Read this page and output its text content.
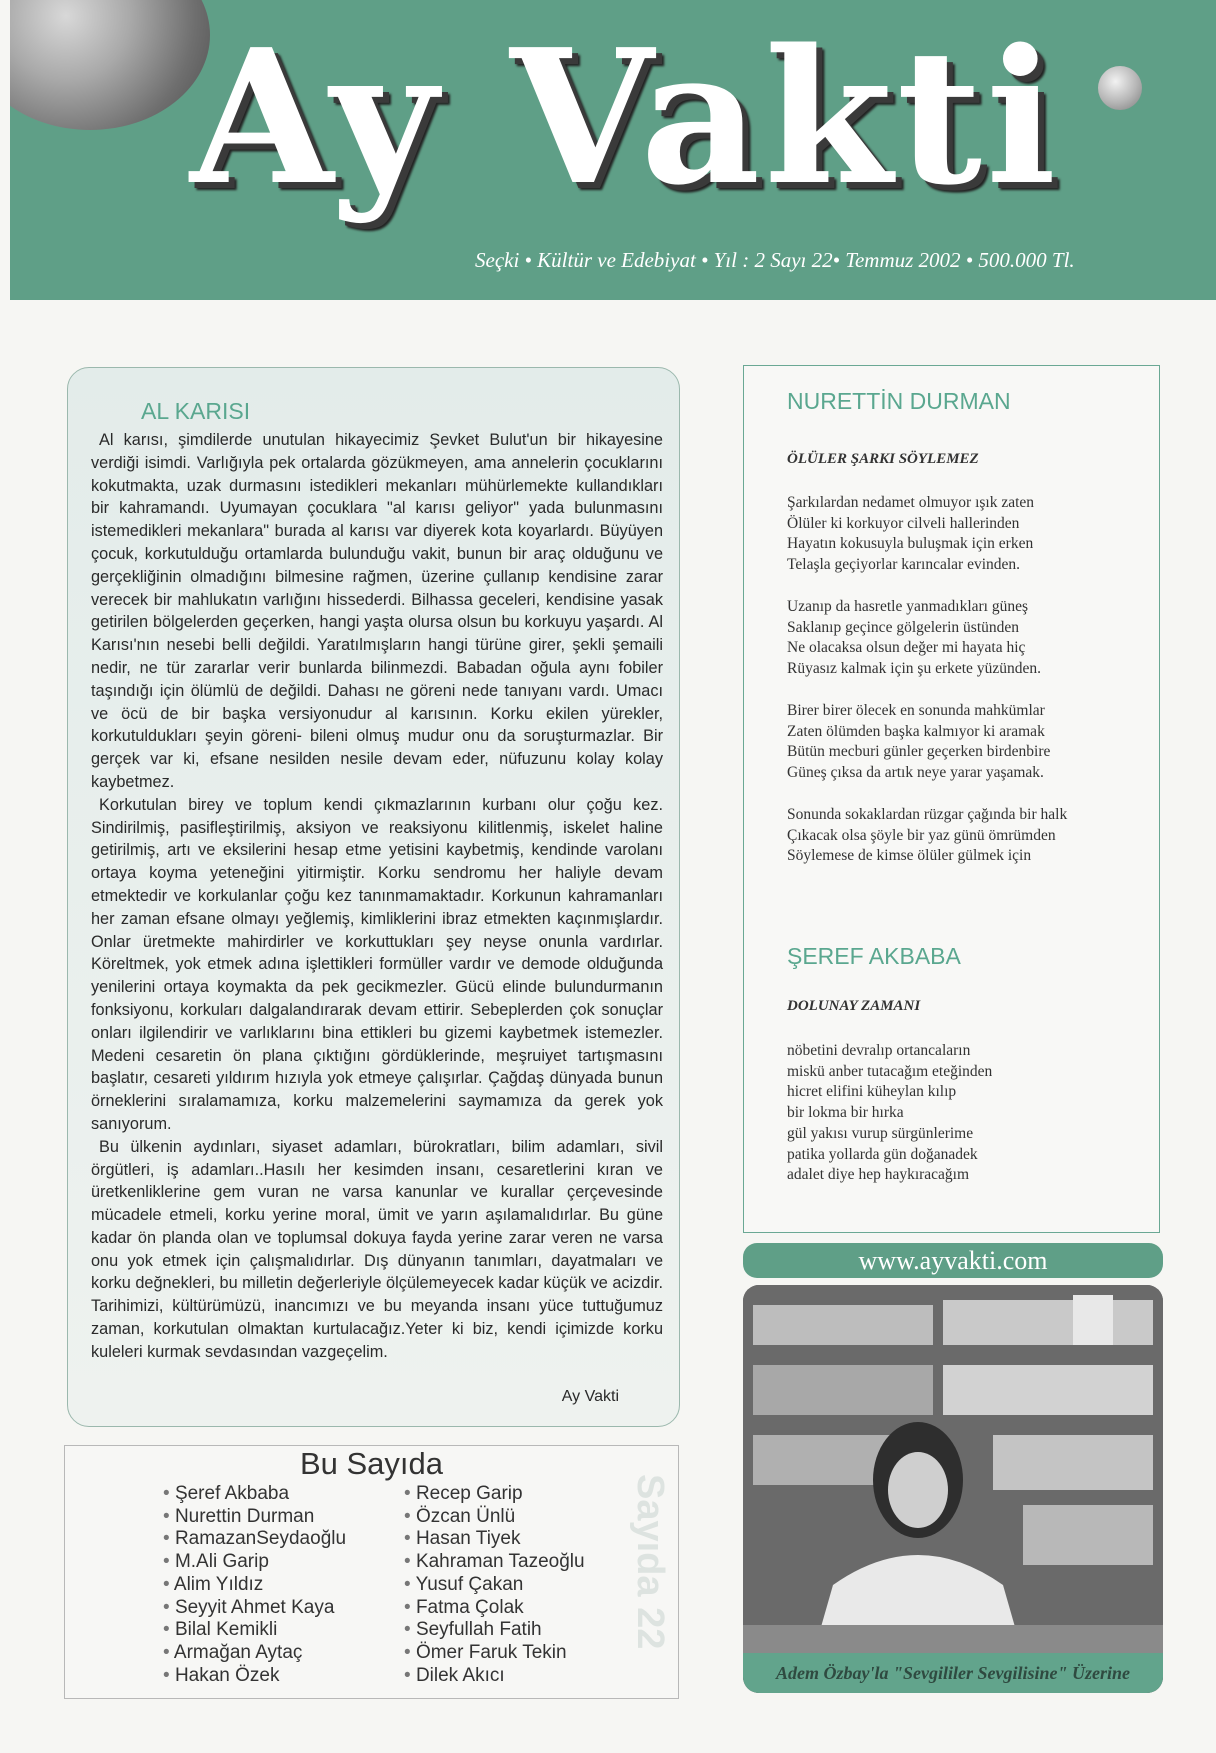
Ay Vakti
Seçki • Kültür ve Edebiyat • Yıl : 2 Sayı 22• Temmuz 2002 • 500.000 Tl.
AL KARISI

Al karısı, şimdilerde unutulan hikayecimiz Şevket Bulut'un bir hikayesine verdiği isimdi. Varlığıyla pek ortalarda gözükmeyen, ama annelerin çocuklarını kokutmakta, uzak durmasını istedikleri mekanları mühürlemekte kullandıkları bir kahramandı. Uyumayan çocuklara "al karısı geliyor" yada bulunmasını istemedikleri mekanlara" burada al karısı var diyerek kota koyarlardı. Büyüyen çocuk, korkutulduğu ortamlarda bulunduğu vakit, bunun bir araç olduğunu ve gerçekliğinin olmadığını bilmesine rağmen, üzerine çullanıp kendisine zarar verecek bir mahlukatın varlığını hissederdi. Bilhassa geceleri, kendisine yasak getirilen bölgelerden geçerken, hangi yaşta olursa olsun bu korkuyu yaşardı. Al Karısı'nın nesebi belli değildi. Yaratılmışların hangi türüne girer, şekli şemaili nedir, ne tür zararlar verir bunlarda bilinmezdi. Babadan oğula aynı fobiler taşındığı için ölümlü de değildi. Dahası ne göreni nede tanıyanı vardı. Umacı ve öcü de bir başka versiyonudur al karısının. Korku ekilen yürekler, korkutuldukları şeyin göreni- bileni olmuş mudur onu da soruşturmazlar. Bir gerçek var ki, efsane nesilden nesile devam eder, nüfuzunu kolay kolay kaybetmez.

Korkutulan birey ve toplum kendi çıkmazlarının kurbanı olur çoğu kez. Sindirilmiş, pasifleştirilmiş, aksiyon ve reaksiyonu kilitlenmiş, iskelet haline getirilmiş, artı ve eksilerini hesap etme yetisini kaybetmiş, kendinde varolanı ortaya koyma yeteneğini yitirmiştir. Korku sendromu her haliyle devam etmektedir ve korkulanlar çoğu kez tanınmamaktadır. Korkunun kahramanları her zaman efsane olmayı yeğlemiş, kimliklerini ibraz etmekten kaçınmışlardır. Onlar üretmekte mahirdirler ve korkuttukları şey neyse onunla vardırlar. Köreltmek, yok etmek adına işlettikleri formüller vardır ve demode olduğunda yenilerini ortaya koymakta da pek gecikmezler. Gücü elinde bulundurmanın fonksiyonu, korkuları dalgalandırarak devam ettirir. Sebeplerden çok sonuçlar onları ilgilendirir ve varlıklarını bina ettikleri bu gizemi kaybetmek istemezler. Medeni cesaretin ön plana çıktığını gördüklerinde, meşruiyet tartışmasını başlatır, cesareti yıldırım hızıyla yok etmeye çalışırlar. Çağdaş dünyada bunun örneklerini sıralamamıza, korku malzemelerini saymamıza da gerek yok sanıyorum.

Bu ülkenin aydınları, siyaset adamları, bürokratları, bilim adamları, sivil örgütleri, iş adamları..Hasılı her kesimden insanı, cesaretlerini kıran ve üretkenliklerine gem vuran ne varsa kanunlar ve kurallar çerçevesinde mücadele etmeli, korku yerine moral, ümit ve yarın aşılamalıdırlar. Bu güne kadar ön planda olan ve toplumsal dokuya fayda yerine zarar veren ne varsa onu yok etmek için çalışmalıdırlar. Dış dünyanın tanımları, dayatmaları ve korku değnekleri, bu milletin değerleriyle ölçülemeyecek kadar küçük ve acizdir. Tarihimizi, kültürümüzü, inancımızı ve bu meyanda insanı yüce tuttuğumuz zaman, korkutulan olmaktan kurtulacağız.Yeter ki biz, kendi içimizde korku kuleleri kurmak sevdasından vazgeçelim.

Ay Vakti
Sayıda 22
Bu Sayıda
• Şeref Akbaba
• Nurettin Durman
• RamazanSeydaoğlu
• M.Ali Garip
• Alim Yıldız
• Seyyit Ahmet Kaya
• Bilal Kemikli
• Armağan Aytaç
• Hakan Özek
• Recep Garip
• Özcan Ünlü
• Hasan Tiyek
• Kahraman Tazeoğlu
• Yusuf Çakan
• Fatma Çolak
• Seyfullah Fatih
• Ömer Faruk Tekin
• Dilek Akıcı
NURETTİN DURMAN
ÖLÜLER ŞARKI SÖYLEMEZ
Şarkılardan nedamet olmuyor ışık zaten
Ölüler ki korkuyor cilveli hallerinden
Hayatın kokusuyla buluşmak için erken
Telaşla geçiyorlar karıncalar evinden.
Uzanıp da hasretle yanmadıkları güneş
Saklanıp geçince gölgelerin üstünden
Ne olacaksa olsun değer mi hayata hiç
Rüyasız kalmak için şu erkete yüzünden.
Birer birer ölecek en sonunda mahkümlar
Zaten ölümden başka kalmıyor ki aramak
Bütün mecburi günler geçerken birdenbire
Güneş çıksa da artık neye yarar yaşamak.
Sonunda sokaklardan rüzgar çağında bir halk
Çıkacak olsa şöyle bir yaz günü ömrümden
Söylemese de kimse ölüler gülmek için
ŞEREF AKBABA
DOLUNAY ZAMANI
nöbetini devralıp ortancaların
miskü anber tutacağım eteğinden
hicret elifini küheylan kılıp
bir lokma bir hırka
gül yakısı vurup sürgünlerime
patika yollarda gün doğanadek
adalet diye hep haykıracağım
www.ayvakti.com
Adem Özbay'la "Sevgililer Sevgilisine" Üzerine
